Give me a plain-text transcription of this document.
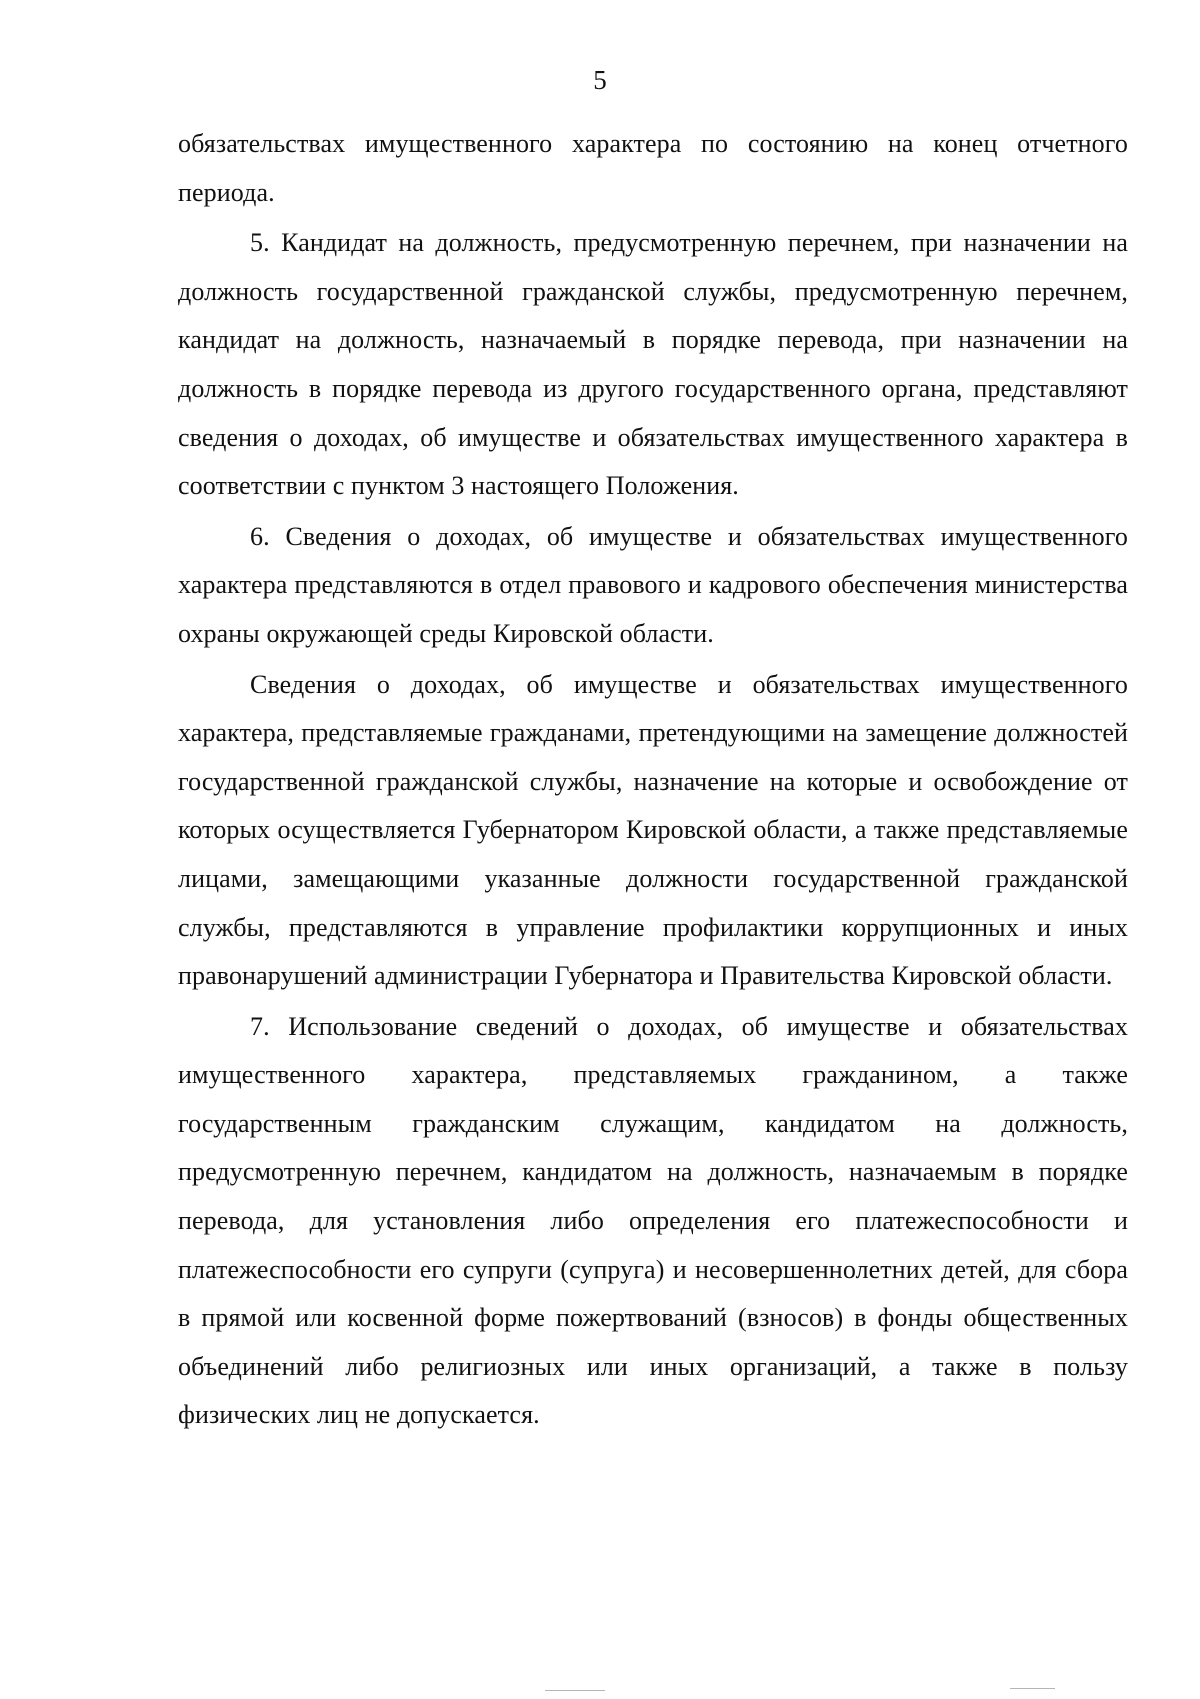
5

обязательствах имущественного характера по состоянию на конец отчетного периода.

5. Кандидат на должность, предусмотренную перечнем, при назначении на должность государственной гражданской службы, предусмотренную перечнем, кандидат на должность, назначаемый в порядке перевода, при назначении на должность в порядке перевода из другого государственного органа, представляют сведения о доходах, об имуществе и обязательствах имущественного характера в соответствии с пунктом 3 настоящего Положения.

6. Сведения о доходах, об имуществе и обязательствах имущественного характера представляются в отдел правового и кадрового обеспечения министерства охраны окружающей среды Кировской области.

Сведения о доходах, об имуществе и обязательствах имущественного характера, представляемые гражданами, претендующими на замещение должностей государственной гражданской службы, назначение на которые и освобождение от которых осуществляется Губернатором Кировской области, а также представляемые лицами, замещающими указанные должности государственной гражданской службы, представляются в управление профилактики коррупционных и иных правонарушений администрации Губернатора и Правительства Кировской области.

7. Использование сведений о доходах, об имуществе и обязательствах имущественного характера, представляемых гражданином, а также государственным гражданским служащим, кандидатом на должность, предусмотренную перечнем, кандидатом на должность, назначаемым в порядке перевода, для установления либо определения его платежеспособности и платежеспособности его супруги (супруга) и несовершеннолетних детей, для сбора в прямой или косвенной форме пожертвований (взносов) в фонды общественных объединений либо религиозных или иных организаций, а также в пользу физических лиц не допускается.
